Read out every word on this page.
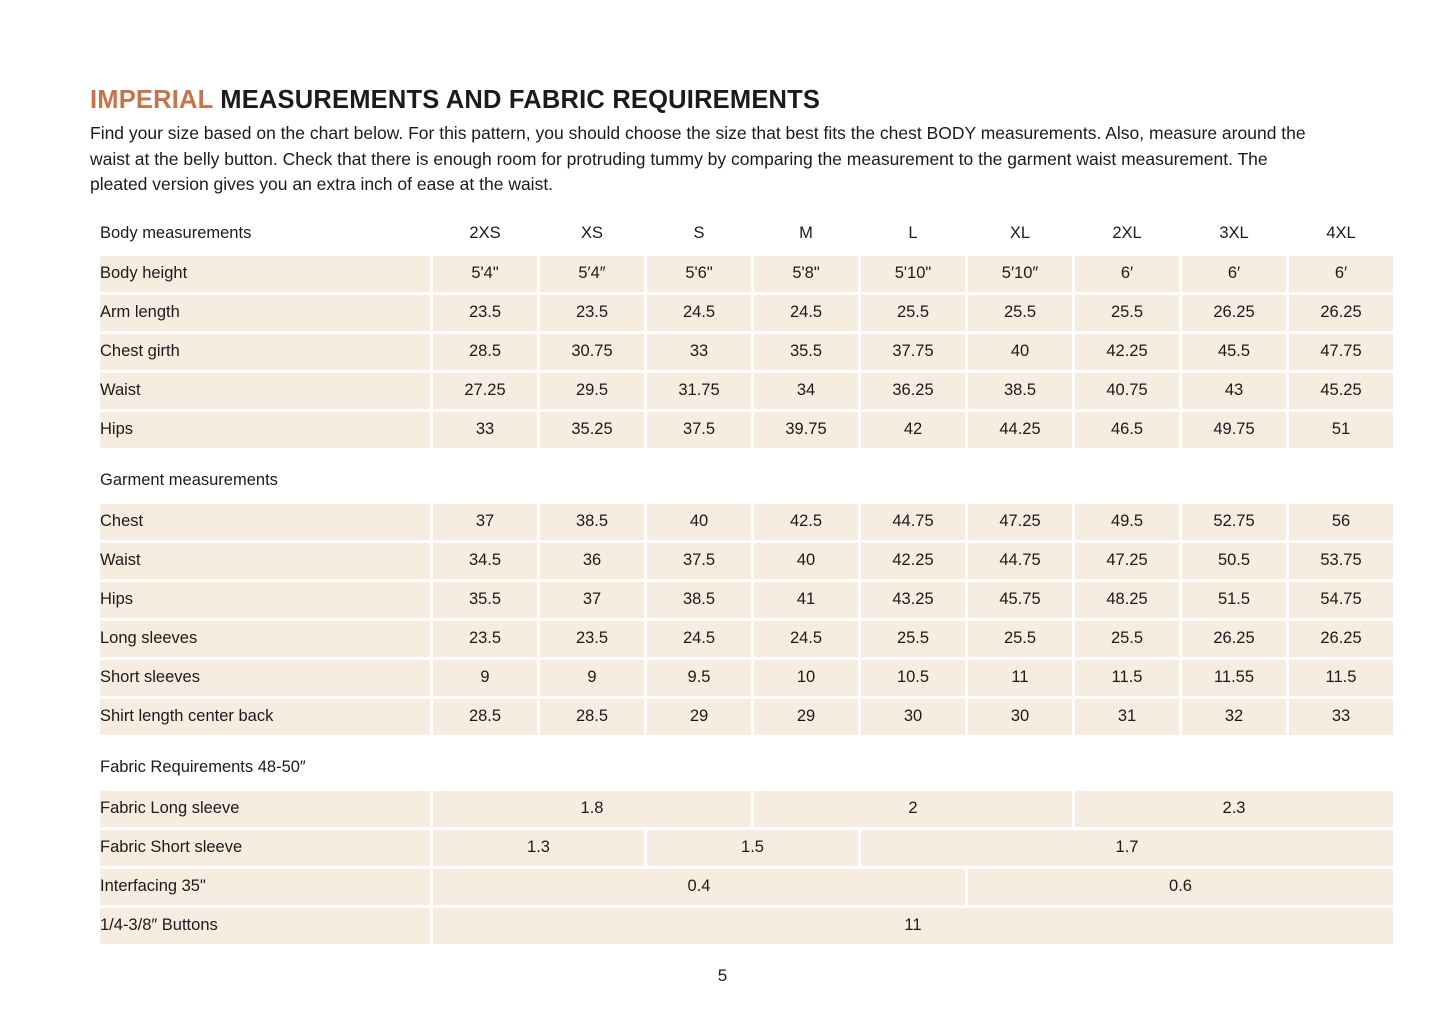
IMPERIAL MEASUREMENTS AND FABRIC REQUIREMENTS

Find your size based on the chart below. For this pattern, you should choose the size that best fits the chest BODY measurements. Also, measure around the waist at the belly button. Check that there is enough room for protruding tummy by comparing the measurement to the garment waist measurement. The pleated version gives you an extra inch of ease at the waist.

Body measurements	2XS	XS	S	M	L	XL	2XL	3XL	4XL
Body height	5'4"	5′4″	5'6"	5'8"	5'10"	5′10″	6′	6′	6′
Arm length	23.5	23.5	24.5	24.5	25.5	25.5	25.5	26.25	26.25
Chest girth	28.5	30.75	33	35.5	37.75	40	42.25	45.5	47.75
Waist	27.25	29.5	31.75	34	36.25	38.5	40.75	43	45.25
Hips	33	35.25	37.5	39.75	42	44.25	46.5	49.75	51

Garment measurements									
Chest	37	38.5	40	42.5	44.75	47.25	49.5	52.75	56
Waist	34.5	36	37.5	40	42.25	44.75	47.25	50.5	53.75
Hips	35.5	37	38.5	41	43.25	45.75	48.25	51.5	54.75
Long sleeves	23.5	23.5	24.5	24.5	25.5	25.5	25.5	26.25	26.25
Short sleeves	9	9	9.5	10	10.5	11	11.5	11.55	11.5
Shirt length center back	28.5	28.5	29	29	30	30	31	32	33

Fabric Requirements 48-50″									
Fabric Long sleeve	1.8			2			2.3		
Fabric Short sleeve	1.3		1.5		1.7				
Interfacing 35"	0.4					0.6			
1/4-3/8″ Buttons	11								
5
